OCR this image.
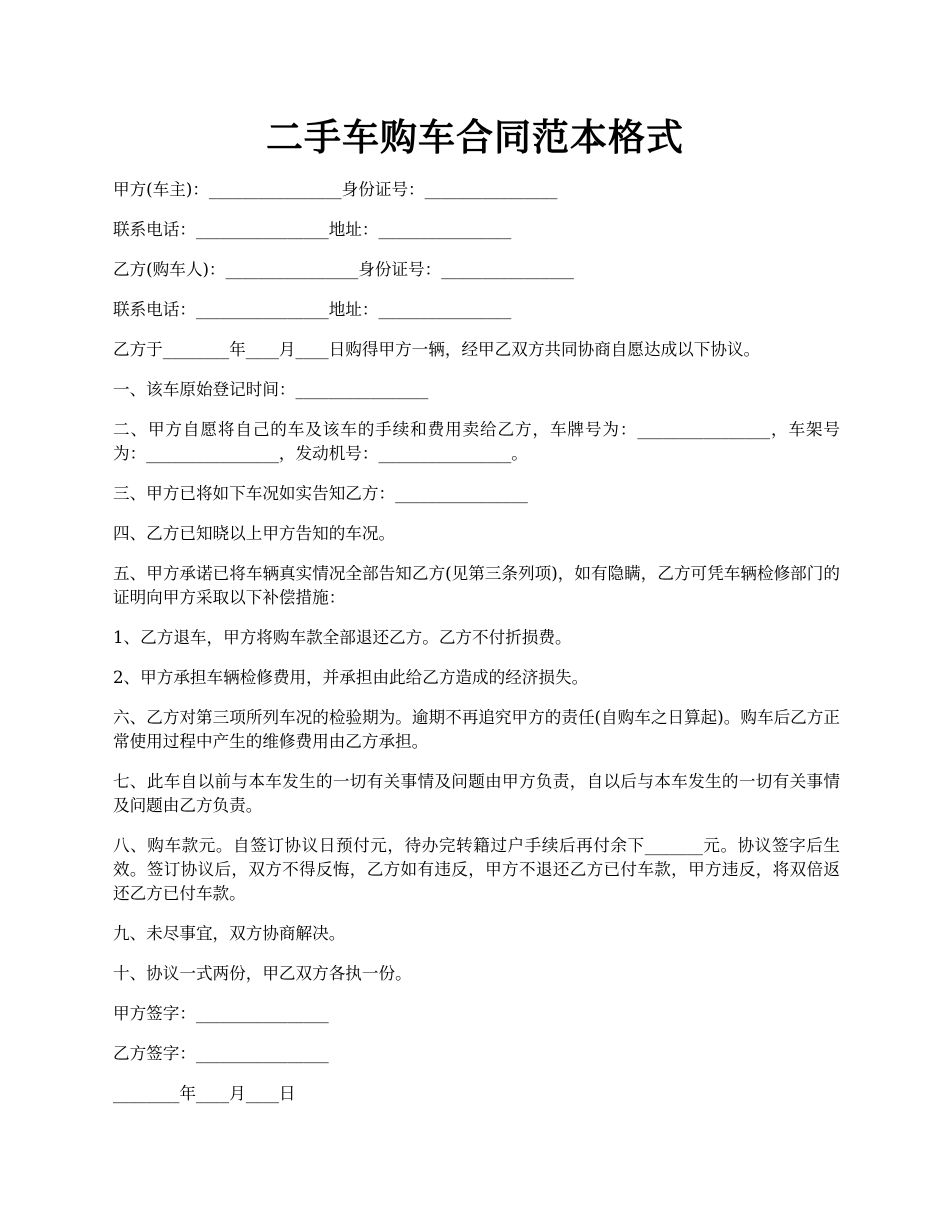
二手车购车合同范本格式

甲方(车主)：________________身份证号：________________

联系电话：________________地址：________________

乙方(购车人)：________________身份证号：________________

联系电话：________________地址：________________

乙方于________年____月____日购得甲方一辆，经甲乙双方共同协商自愿达成以下协议。

一、该车原始登记时间：________________

二、甲方自愿将自己的车及该车的手续和费用卖给乙方，车牌号为：________________，车架号为：________________，发动机号：________________。

三、甲方已将如下车况如实告知乙方：________________

四、乙方已知晓以上甲方告知的车况。

五、甲方承诺已将车辆真实情况全部告知乙方(见第三条列项)，如有隐瞒，乙方可凭车辆检修部门的证明向甲方采取以下补偿措施：

1、乙方退车，甲方将购车款全部退还乙方。乙方不付折损费。

2、甲方承担车辆检修费用，并承担由此给乙方造成的经济损失。

六、乙方对第三项所列车况的检验期为。逾期不再追究甲方的责任(自购车之日算起)。购车后乙方正常使用过程中产生的维修费用由乙方承担。

七、此车自以前与本车发生的一切有关事情及问题由甲方负责，自以后与本车发生的一切有关事情及问题由乙方负责。

八、购车款元。自签订协议日预付元，待办完转籍过户手续后再付余下_______元。协议签字后生效。签订协议后，双方不得反悔，乙方如有违反，甲方不退还乙方已付车款，甲方违反，将双倍返还乙方已付车款。

九、未尽事宜，双方协商解决。

十、协议一式两份，甲乙双方各执一份。

甲方签字：________________

乙方签字：________________

________年____月____日
